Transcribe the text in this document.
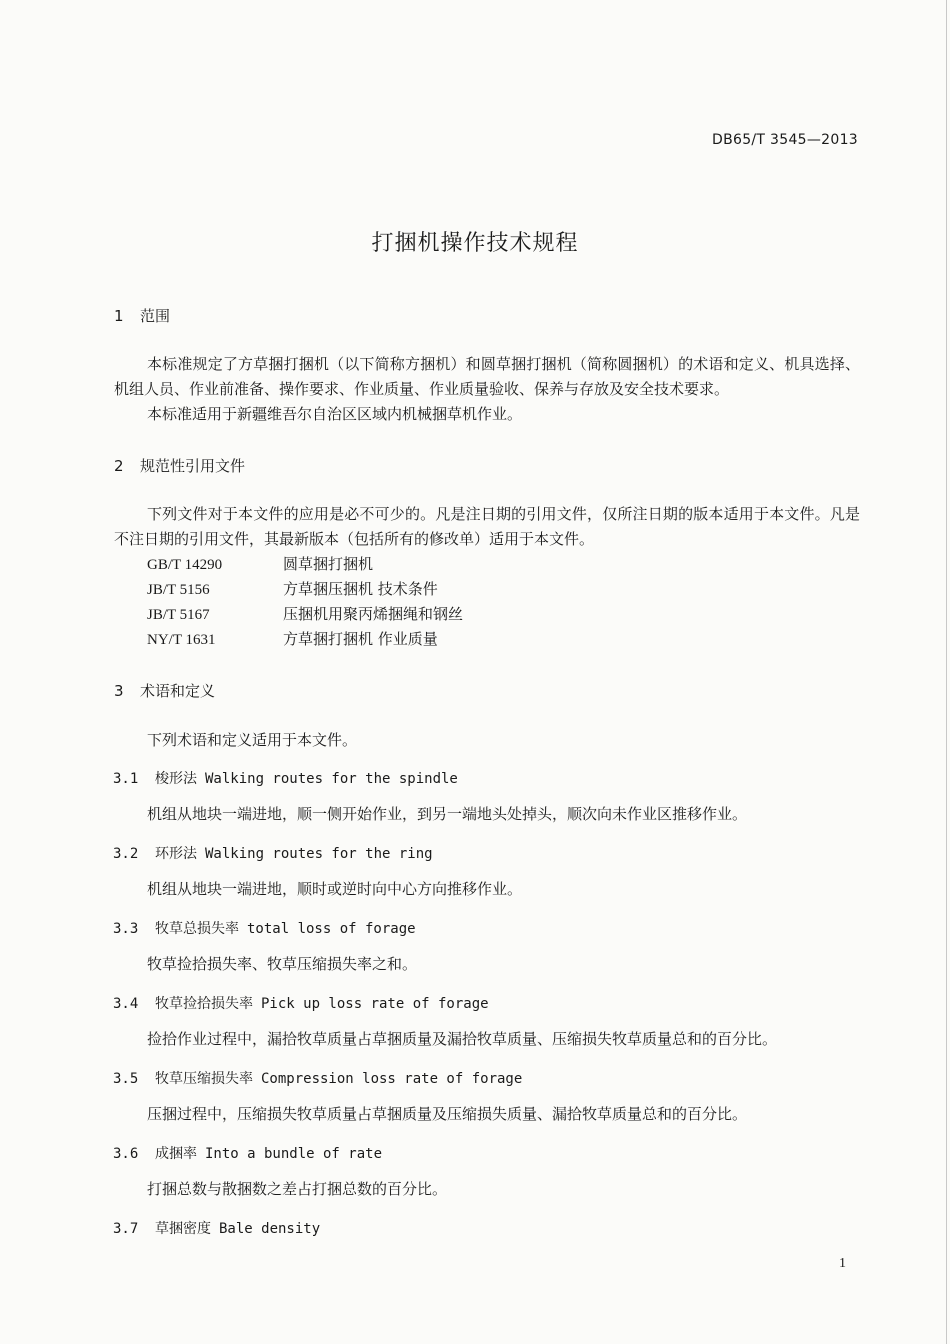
DB65/T 3545—2013
打捆机操作技术规程
1 范围
本标准规定了方草捆打捆机（以下简称方捆机）和圆草捆打捆机（简称圆捆机）的术语和定义、机具选择、机组人员、作业前准备、操作要求、作业质量、作业质量验收、保养与存放及安全技术要求。
本标准适用于新疆维吾尔自治区区域内机械捆草机作业。
2 规范性引用文件
下列文件对于本文件的应用是必不可少的。凡是注日期的引用文件，仅所注日期的版本适用于本文件。凡是不注日期的引用文件，其最新版本（包括所有的修改单）适用于本文件。
GB/T 14290	圆草捆打捆机
JB/T 5156	方草捆压捆机 技术条件
JB/T 5167	压捆机用聚丙烯捆绳和钢丝
NY/T 1631	方草捆打捆机 作业质量
3 术语和定义
下列术语和定义适用于本文件。
3.1 梭形法 Walking routes for the spindle
机组从地块一端进地，顺一侧开始作业，到另一端地头处掉头，顺次向未作业区推移作业。
3.2 环形法 Walking routes for the ring
机组从地块一端进地，顺时或逆时向中心方向推移作业。
3.3 牧草总损失率 total loss of forage
牧草捡拾损失率、牧草压缩损失率之和。
3.4 牧草捡拾损失率 Pick up loss rate of forage
捡拾作业过程中，漏拾牧草质量占草捆质量及漏拾牧草质量、压缩损失牧草质量总和的百分比。
3.5 牧草压缩损失率 Compression loss rate of forage
压捆过程中，压缩损失牧草质量占草捆质量及压缩损失质量、漏拾牧草质量总和的百分比。
3.6 成捆率 Into a bundle of rate
打捆总数与散捆数之差占打捆总数的百分比。
3.7 草捆密度 Bale density
1
